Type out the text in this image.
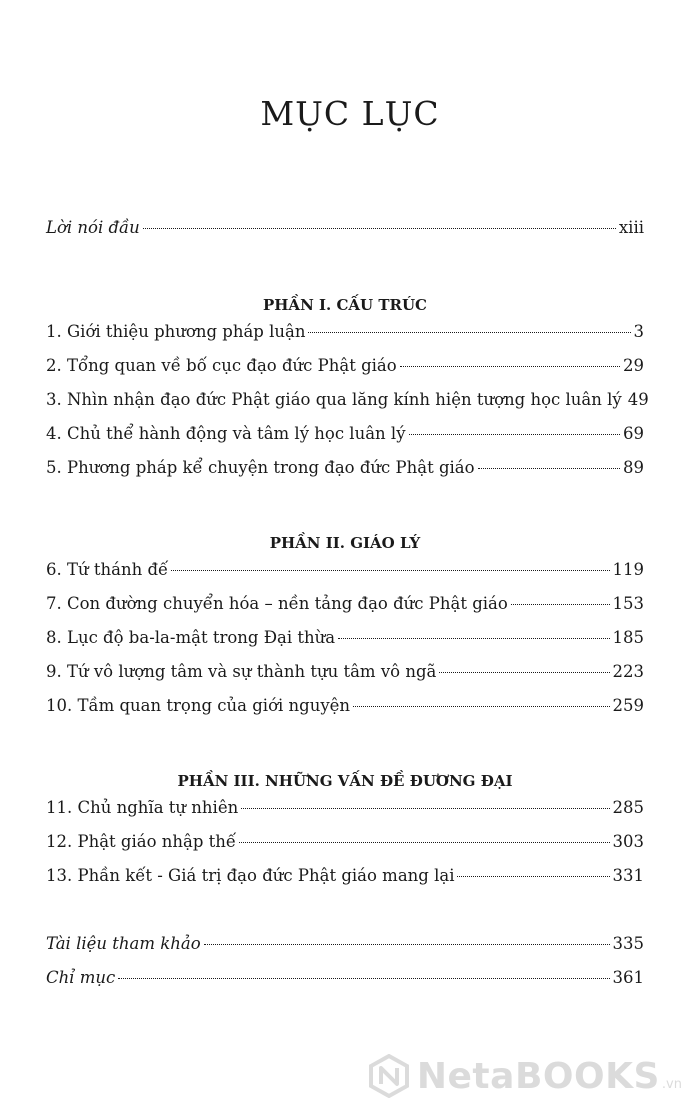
MỤC LỤC
Lời nói đầu	xiii
PHẦN I. CẤU TRÚC
1. Giới thiệu phương pháp luận	3
2. Tổng quan về bố cục đạo đức Phật giáo	29
3. Nhìn nhận đạo đức Phật giáo qua lăng kính hiện tượng học luân lý 49
4. Chủ thể hành động và tâm lý học luân lý	69
5. Phương pháp kể chuyện trong đạo đức Phật giáo	89
PHẦN II. GIÁO LÝ
6. Tứ thánh đế	119
7. Con đường chuyển hóa – nền tảng đạo đức Phật giáo	153
8. Lục độ ba-la-mật trong Đại thừa	185
9. Tứ vô lượng tâm và sự thành tựu tâm vô ngã	223
10. Tầm quan trọng của giới nguyện	259
PHẦN III. NHỮNG VẤN ĐỀ ĐƯƠNG ĐẠI
11. Chủ nghĩa tự nhiên	285
12. Phật giáo nhập thế	303
13. Phần kết - Giá trị đạo đức Phật giáo mang lại	331
Tài liệu tham khảo	335
Chỉ mục	361
NetaBOOKS .vn
